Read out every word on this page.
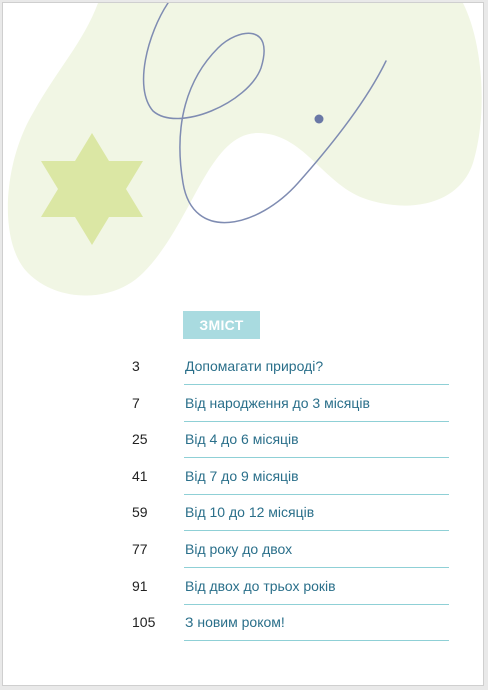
ЗМІСТ
3	Допомагати природі?
7	Від народження до 3 місяців
25	Від 4 до 6 місяців
41	Від 7 до 9 місяців
59	Від 10 до 12 місяців
77	Від року до двох
91	Від двох до трьох років
105 З новим роком!
